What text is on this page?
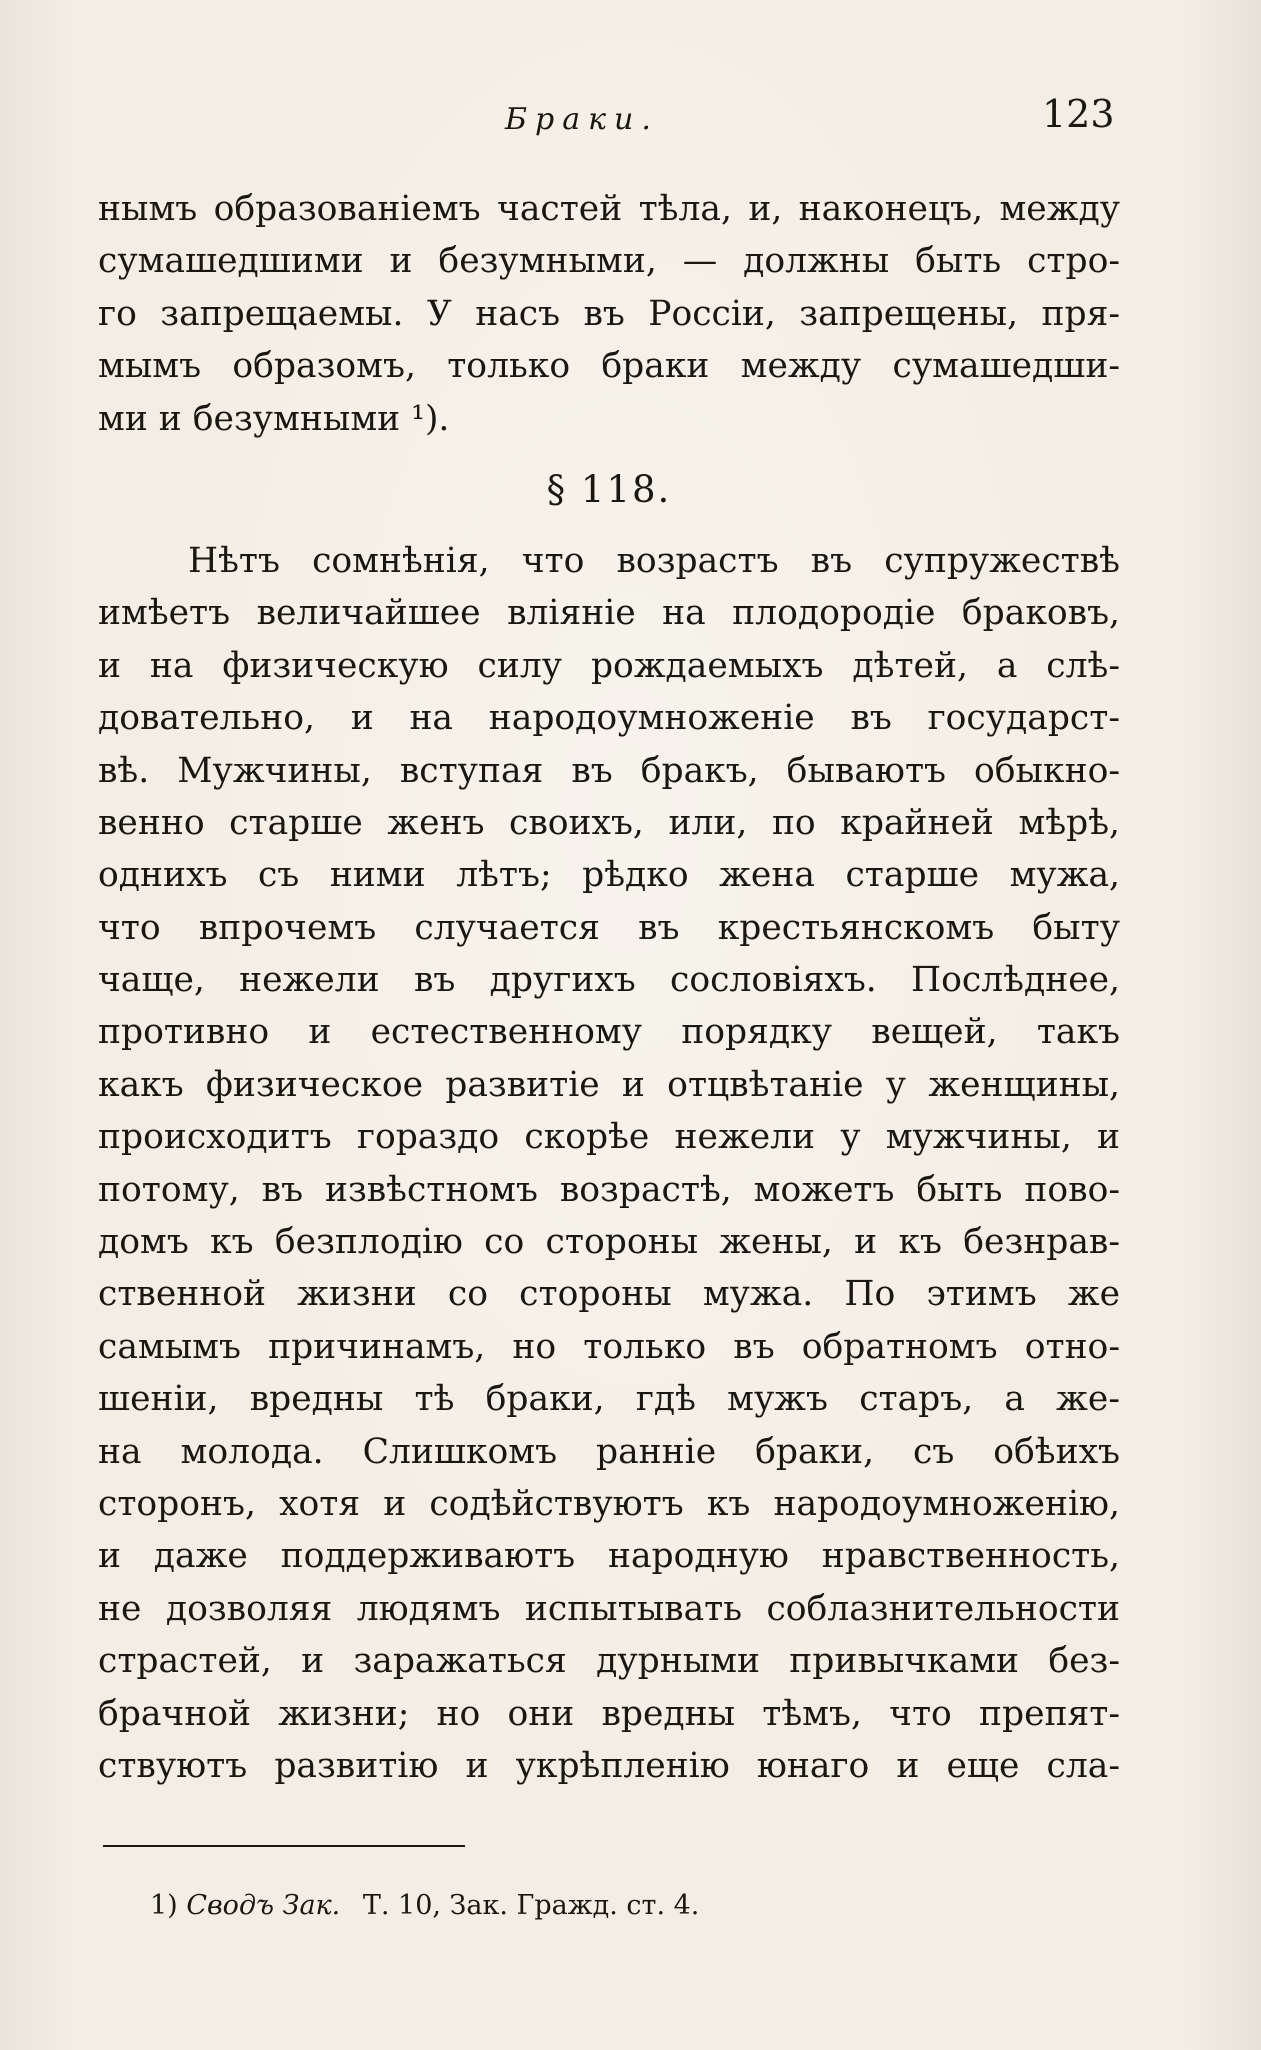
Браки.	123
нымъ образованіемъ частей тѣла, и, наконецъ, между
сумашедшими и безумными, — должны быть стро-
го запрещаемы. У насъ въ Россіи, запрещены, пря-
мымъ образомъ, только браки между сумашедши-
ми и безумными ¹).
§ 118.
Нѣтъ сомнѣнія, что возрастъ въ супружествѣ
имѣетъ величайшее вліяніе на плодородіе браковъ,
и на физическую силу рождаемыхъ дѣтей, а слѣ-
довательно, и на народоумноженіе въ государст-
вѣ. Мужчины, вступая въ бракъ, бываютъ обыкно-
венно старше женъ своихъ, или, по крайней мѣрѣ,
однихъ съ ними лѣтъ; рѣдко жена старше мужа,
что впрочемъ случается въ крестьянскомъ быту
чаще, нежели въ другихъ сословіяхъ. Послѣднее,
противно и естественному порядку вещей, такъ
какъ физическое развитіе и отцвѣтаніе у женщины,
происходитъ гораздо скорѣе нежели у мужчины, и
потому, въ извѣстномъ возрастѣ, можетъ быть пово-
домъ къ безплодію со стороны жены, и къ безнрав-
ственной жизни со стороны мужа. По этимъ же
самымъ причинамъ, но только въ обратномъ отно-
шеніи, вредны тѣ браки, гдѣ мужъ старъ, а же-
на молода. Слишкомъ ранніе браки, съ обѣихъ
сторонъ, хотя и содѣйствуютъ къ народоумноженію,
и даже поддерживаютъ народную нравственность,
не дозволяя людямъ испытывать соблазнительности
страстей, и заражаться дурными привычками без-
брачной жизни; но они вредны тѣмъ, что препят-
ствуютъ развитію и укрѣпленію юнаго и еще сла-
1) Сводъ Зак. Т. 10, Зак. Гражд. ст. 4.
